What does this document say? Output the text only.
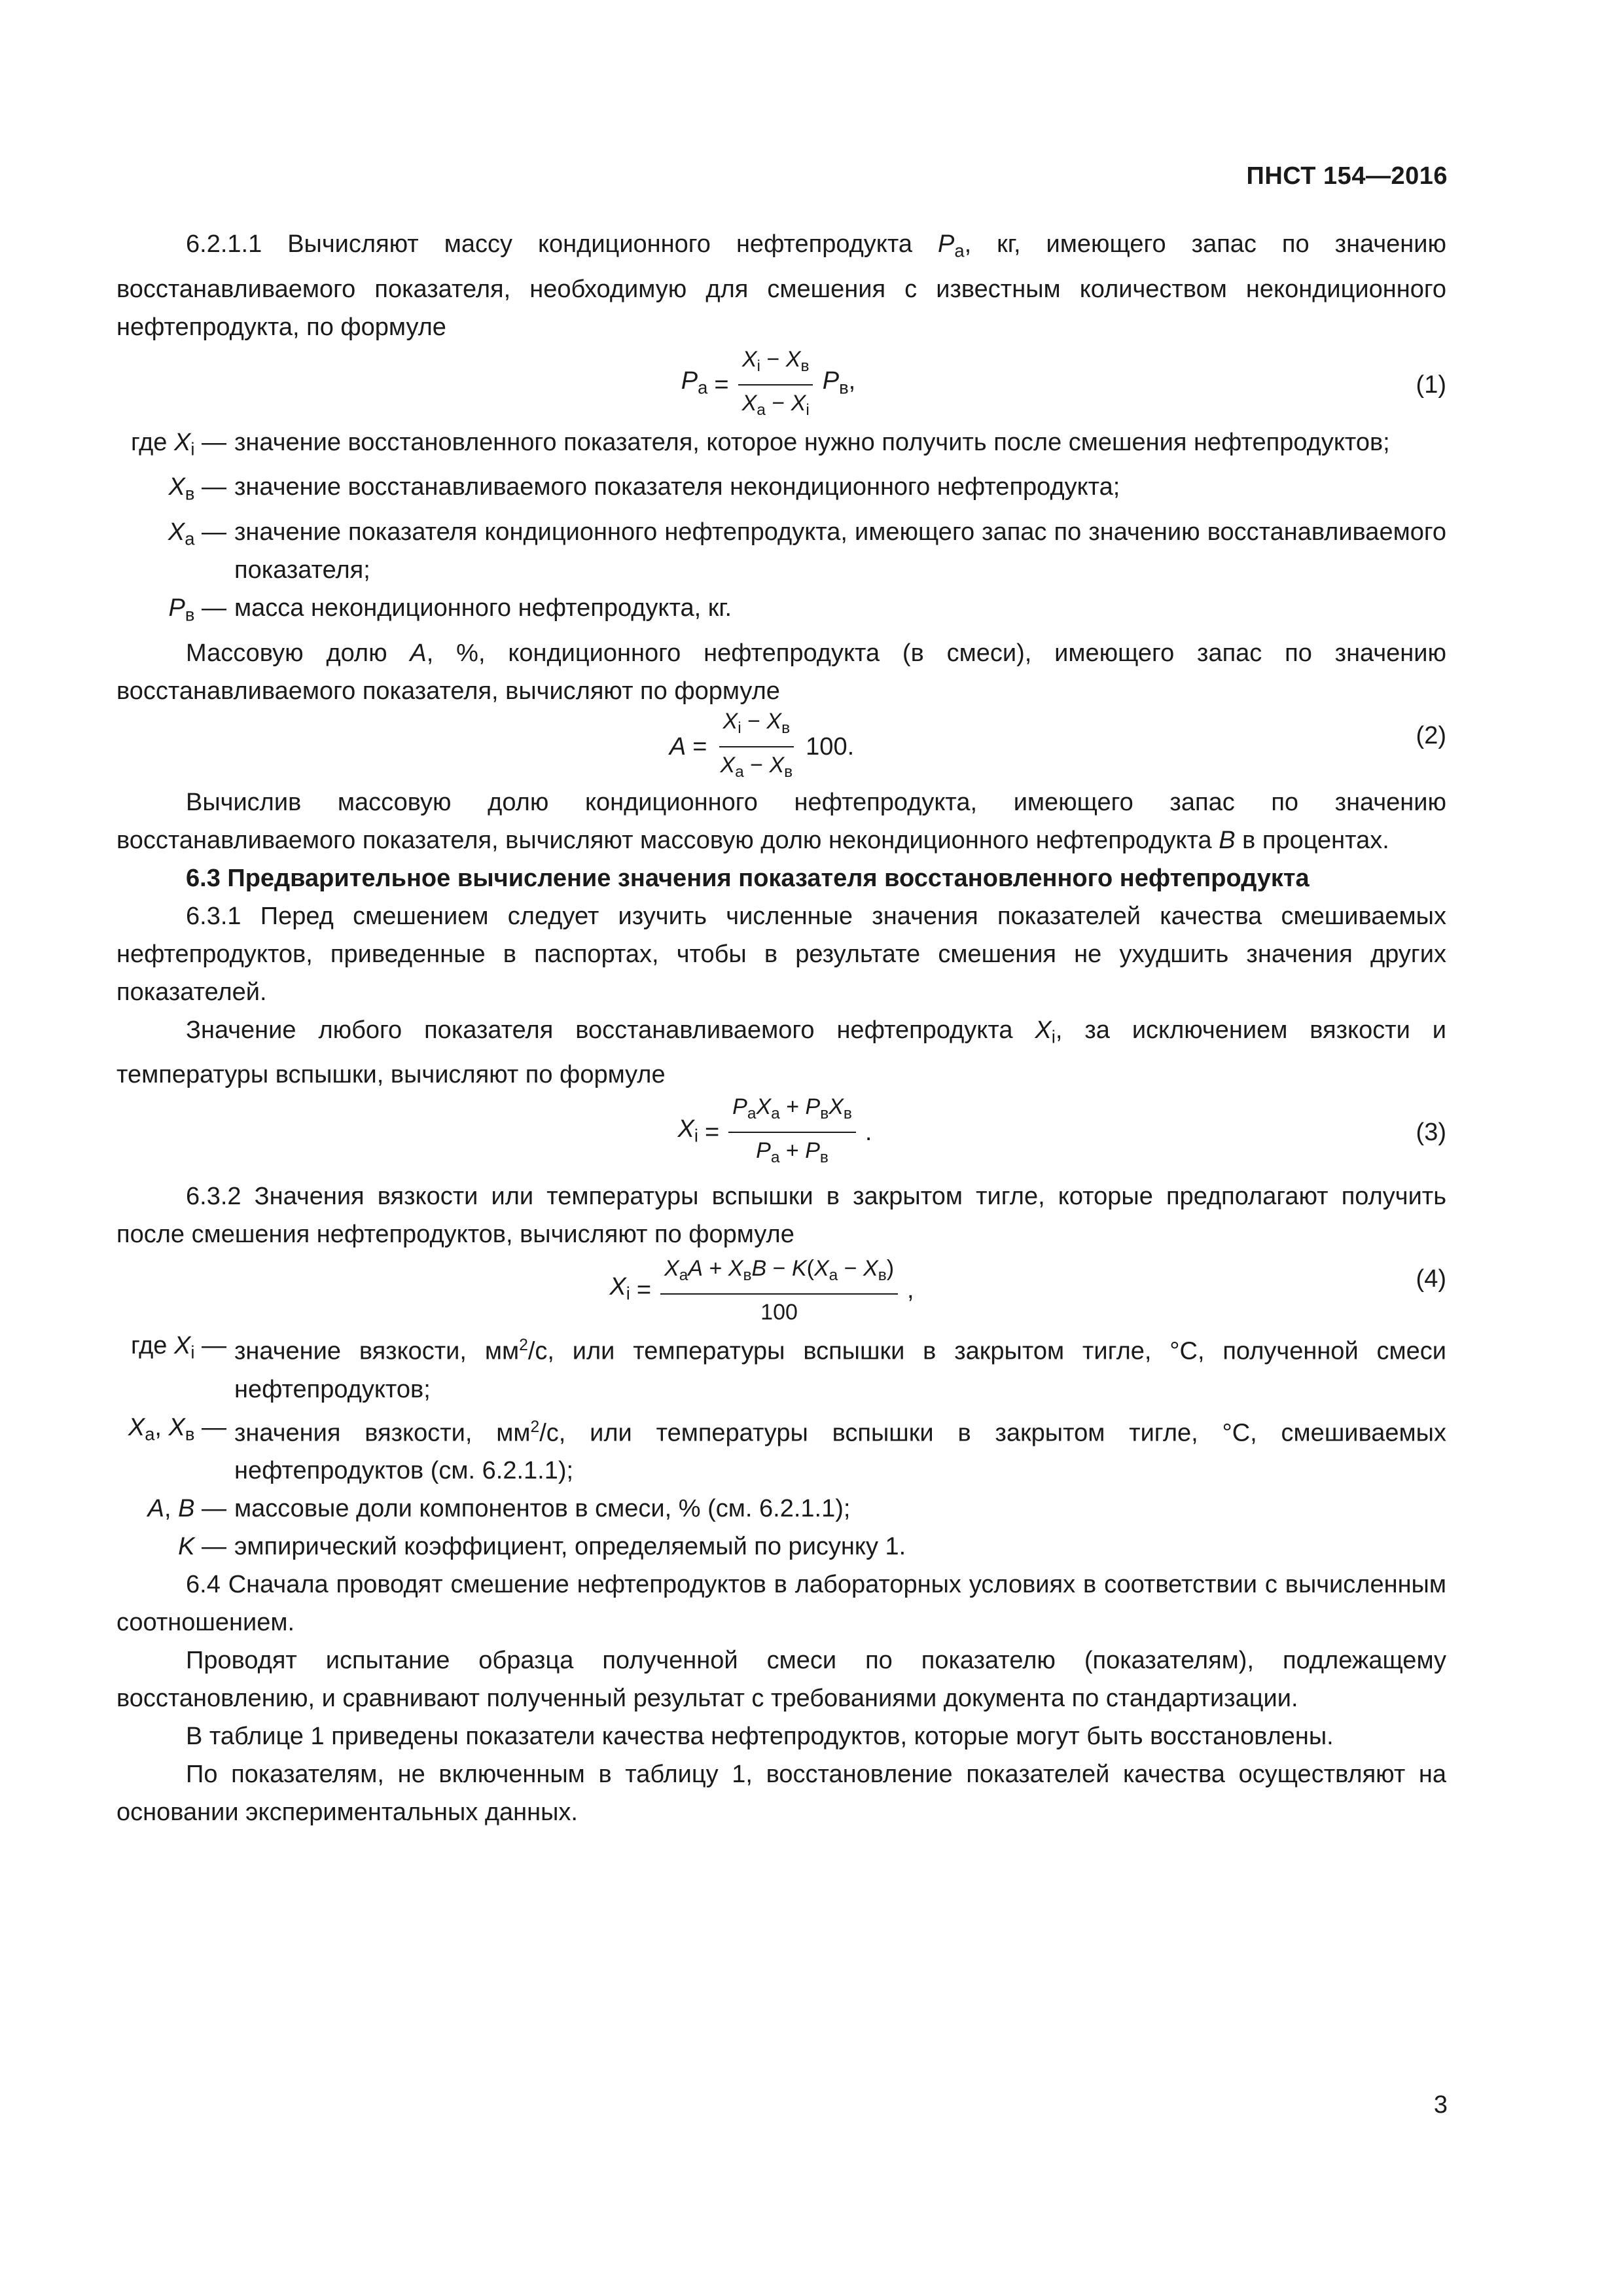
ПНСТ 154—2016

6.2.1.1 Вычисляют массу кондиционного нефтепродукта $P_а$, кг, имеющего запас по значению восстанавливаемого показателя, необходимую для смешения с известным количеством некондиционного нефтепродукта, по формуле

$P_а = \frac{X_i - X_в}{X_а - X_i} P_в$,	(1)
где $X_i$ — значение восстановленного показателя, которое нужно получить после смешения нефтепродуктов;
$X_в$ — значение восстанавливаемого показателя некондиционного нефтепродукта;
$X_а$ — значение показателя кондиционного нефтепродукта, имеющего запас по значению восстанавливаемого показателя;
$P_в$ — масса некондиционного нефтепродукта, кг.

Массовую долю A, %, кондиционного нефтепродукта (в смеси), имеющего запас по значению восстанавливаемого показателя, вычисляют по формуле

$A = \frac{X_i - X_в}{X_а - X_в} 100$.	(2)

Вычислив массовую долю кондиционного нефтепродукта, имеющего запас по значению восстанавливаемого показателя, вычисляют массовую долю некондиционного нефтепродукта B в процентах.

6.3 Предварительное вычисление значения показателя восстановленного нефтепродукта

6.3.1 Перед смешением следует изучить численные значения показателей качества смешиваемых нефтепродуктов, приведенные в паспортах, чтобы в результате смешения не ухудшить значения других показателей.

Значение любого показателя восстанавливаемого нефтепродукта $X_i$, за исключением вязкости и температуры вспышки, вычисляют по формуле

$X_i = \frac{P_аX_а + P_вX_в}{P_а + P_в}$ .	(3)

6.3.2 Значения вязкости или температуры вспышки в закрытом тигле, которые предполагают получить после смешения нефтепродуктов, вычисляют по формуле

$X_i = \frac{X_аA + X_вB - K(X_а - X_в)}{100}$ ,	(4)
где $X_i$ — значение вязкости, $мм^2/с$, или температуры вспышки в закрытом тигле, °С, полученной смеси нефтепродуктов;
$X_а$, $X_в$ — значения вязкости, $мм^2/с$, или температуры вспышки в закрытом тигле, °С, смешиваемых нефтепродуктов (см. 6.2.1.1);
A, B — массовые доли компонентов в смеси, % (см. 6.2.1.1);
K — эмпирический коэффициент, определяемый по рисунку 1.

6.4 Сначала проводят смешение нефтепродуктов в лабораторных условиях в соответствии с вычисленным соотношением.

Проводят испытание образца полученной смеси по показателю (показателям), подлежащему восстановлению, и сравнивают полученный результат с требованиями документа по стандартизации.

В таблице 1 приведены показатели качества нефтепродуктов, которые могут быть восстановлены.

По показателям, не включенным в таблицу 1, восстановление показателей качества осуществляют на основании экспериментальных данных.

3
